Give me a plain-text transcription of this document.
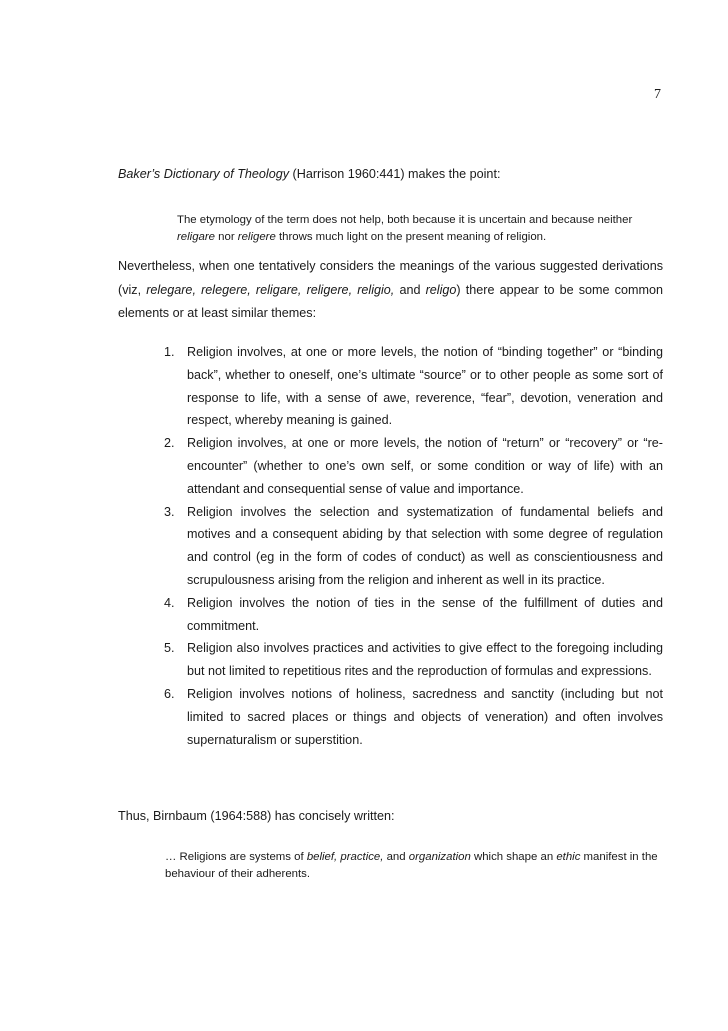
7

Baker’s Dictionary of Theology (Harrison 1960:441) makes the point:

The etymology of the term does not help, both because it is uncertain and because neither religare nor religere throws much light on the present meaning of religion.

Nevertheless, when one tentatively considers the meanings of the various suggested derivations (viz, relegare, relegere, religare, religere, religio, and religo) there appear to be some common elements or at least similar themes:

1. Religion involves, at one or more levels, the notion of “binding together” or “binding back”, whether to oneself, one’s ultimate “source” or to other people as some sort of response to life, with a sense of awe, reverence, “fear”, devotion, veneration and respect, whereby meaning is gained.
2. Religion involves, at one or more levels, the notion of “return” or “recovery” or “re-encounter” (whether to one’s own self, or some condition or way of life) with an attendant and consequential sense of value and importance.
3. Religion involves the selection and systematization of fundamental beliefs and motives and a consequent abiding by that selection with some degree of regulation and control (eg in the form of codes of conduct) as well as conscientiousness and scrupulousness arising from the religion and inherent as well in its practice.
4. Religion involves the notion of ties in the sense of the fulfillment of duties and commitment.
5. Religion also involves practices and activities to give effect to the foregoing including but not limited to repetitious rites and the reproduction of formulas and expressions.
6. Religion involves notions of holiness, sacredness and sanctity (including but not limited to sacred places or things and objects of veneration) and often involves supernaturalism or superstition.

Thus, Birnbaum (1964:588) has concisely written:

… Religions are systems of belief, practice, and organization which shape an ethic manifest in the behaviour of their adherents.
